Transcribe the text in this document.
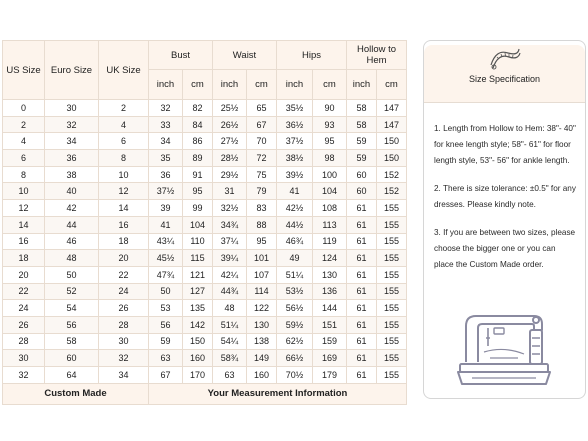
US Size	Euro Size	UK Size	Bust		Waist		Hips		Hollow to Hem	
			inch	cm	inch	cm	inch	cm	inch	cm
0	30	2	32	82	25½	65	35½	90	58	147
2	32	4	33	84	26½	67	36½	93	58	147
4	34	6	34	86	27½	70	37½	95	59	150
6	36	8	35	89	28½	72	38½	98	59	150
8	38	10	36	91	29½	75	39½	100	60	152
10	40	12	37½	95	31	79	41	104	60	152
12	42	14	39	99	32½	83	42½	108	61	155
14	44	16	41	104	34¾	88	44½	113	61	155
16	46	18	43¼	110	37¼	95	46¾	119	61	155
18	48	20	45½	115	39¼	101	49	124	61	155
20	50	22	47¾	121	42¼	107	51¼	130	61	155
22	52	24	50	127	44¾	114	53½	136	61	155
24	54	26	53	135	48	122	56½	144	61	155
26	56	28	56	142	51¼	130	59½	151	61	155
28	58	30	59	150	54¼	138	62½	159	61	155
30	60	32	63	160	58¾	149	66½	169	61	155
32	64	34	67	170	63	160	70½	179	61	155
Custom Made			Your Measurement Information							
Size Specification

1. Length from Hollow to Hem: 38"- 40" for knee length style; 58"- 61" for floor length style, 53"- 56" for ankle length.

2. There is size tolerance: ±0.5" for any dresses. Please kindly note.

3. If you are between two sizes, please choose the bigger one or you can place the Custom Made order.
